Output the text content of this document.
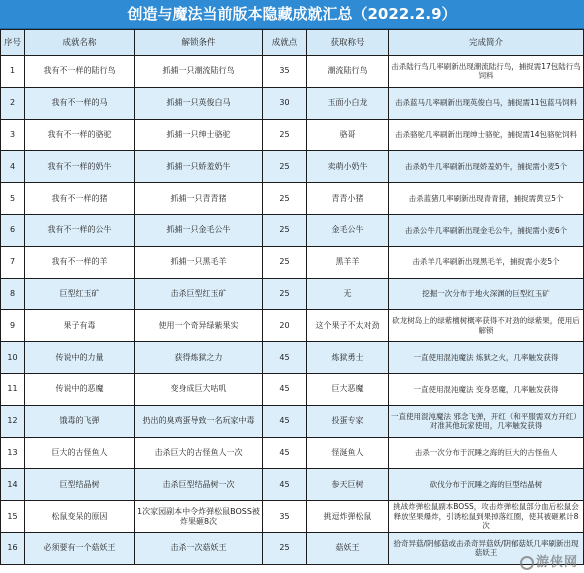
创造与魔法当前版本隐藏成就汇总（2022.2.9）
序号	成就名称	解锁条件	成就点	获取称号	完成简介
1	我有不一样的陆行鸟	抓捕一只潮流陆行鸟	35	潮流陆行鸟	击杀陆行鸟几率刷新出现潮流陆行鸟，捕捉需17包陆行鸟饲料
2	我有不一样的马	抓捕一只英俊白马	30	玉面小白龙	击杀蓝马几率刷新出现英俊白马，捕捉需11包蓝马饲料
3	我有不一样的骆驼	抓捕一只绅士骆驼	25	骆哥	击杀骆驼几率刷新出现绅士骆驼，捕捉需14包骆驼饲料
4	我有不一样的奶牛	抓捕一只娇羞奶牛	25	卖萌小奶牛	击杀奶牛几率刷新出现娇羞奶牛，捕捉需小麦5个
5	我有不一样的猪	抓捕一只青青猪	25	青青小猪	击杀蓝猪几率刷新出现青青猪，捕捉需黄豆5个
6	我有不一样的公牛	抓捕一只金毛公牛	25	金毛公牛	击杀公牛几率刷新出现金毛公牛，捕捉需小麦6个
7	我有不一样的羊	抓捕一只黑毛羊	25	黑羊羊	击杀羊几率刷新出现黑毛羊，捕捉需小麦5个
8	巨型红玉矿	击杀巨型红玉矿	25	无	挖掘一次分布于地火深渊的巨型红玉矿
9	果子有毒	使用一个奇异绿紫果实	20	这个果子不太对劲	砍龙树岛上的绿紫檀树概率获得不对劲的绿紫果，使用后解锁
10	传说中的力量	获得炼狱之力	45	炼狱勇士	一直使用混沌魔法 炼狱之火，几率触发获得
11	传说中的恶魔	变身成巨大咕叽	45	巨大恶魔	一直使用混沌魔法 变身恶魔，几率触发获得
12	饿毒的飞弹	扔出的臭鸡蛋导致一名玩家中毒	45	投蛋专家	一直使用混沌魔法 邪念飞弹，开红（和平服需双方开红）对准其他玩家使用，几率触发获得
13	巨大的古怪鱼人	击杀巨大的古怪鱼人一次	45	怪涎鱼人	击杀一次分布于沉睡之海的巨大的古怪鱼人
14	巨型结晶树	击杀巨型结晶树一次	45	参天巨树	砍伐分布于沉睡之海的巨型结晶树
15	松鼠变呆的原因	1次家园副本中令炸弹松鼠BOSS被炸果砸8次	35	挑逗炸弹松鼠	挑战炸弹松鼠副本BOSS，攻击炸弹松鼠部分血后松鼠会释放坚果爆炸，引诱松鼠到果掉落红圈，使其被砸累计8次
16	必须要有一个菇妖王	击杀一次菇妖王	25	菇妖王	拾奇异菇/阴郁菇或击杀奇异菇妖/阴郁菇妖几率刷新出现菇妖王
游侠网
